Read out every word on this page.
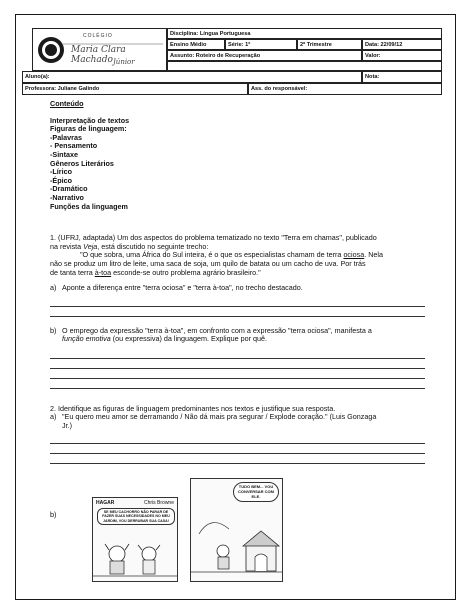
COLÉGIO
Maria Clara Machado Júnior
Disciplina: Língua Portuguesa
Ensino Médio	Série: 1ª	2º Trimestre	Data: 22/09/12
Assunto: Roteiro de Recuperação	Valor:
Aluno(a):	Nota:
Professora: Juliane Galindo	Ass. do responsável:
Conteúdo
Interpretação de textos
Figuras de linguagem:
-Palavras
- Pensamento
-Sintaxe
Gêneros Literários
-Lírico
-Épico
-Dramático
-Narrativo
Funções da linguagem
1. (UFRJ, adaptada) Um dos aspectos do problema tematizado no texto "Terra em chamas", publicado
na revista Veja, está discutido no seguinte trecho:
"O que sobra, uma África do Sul inteira, é o que os especialistas chamam de terra ociosa. Nela
não se produz um litro de leite, uma saca de soja, um quilo de batata ou um cacho de uva. Por trás
de tanta terra à-toa esconde-se outro problema agrário brasileiro."
a) Aponte a diferença entre "terra ociosa" e "terra à-toa", no trecho destacado.
b) O emprego da expressão "terra à-toa", em confronto com a expressão "terra ociosa", manifesta a
função emotiva (ou expressiva) da linguagem. Explique por quê.
2. Identifique as figuras de linguagem predominantes nos textos e justifique sua resposta.
a) "Eu quero meu amor se derramando / Não dá mais pra segurar / Explode coração." (Luis Gonzaga
Jr.)
b)
HAGAR	Chris Browne
SE MEU CACHORRO NÃO PARAR DE FAZER SUAS NECESSIDADES NO MEU JARDIM, VOU DERRUBAR SUA CASA!
TUDO BEM... VOU CONVERSAR COM ELE.
